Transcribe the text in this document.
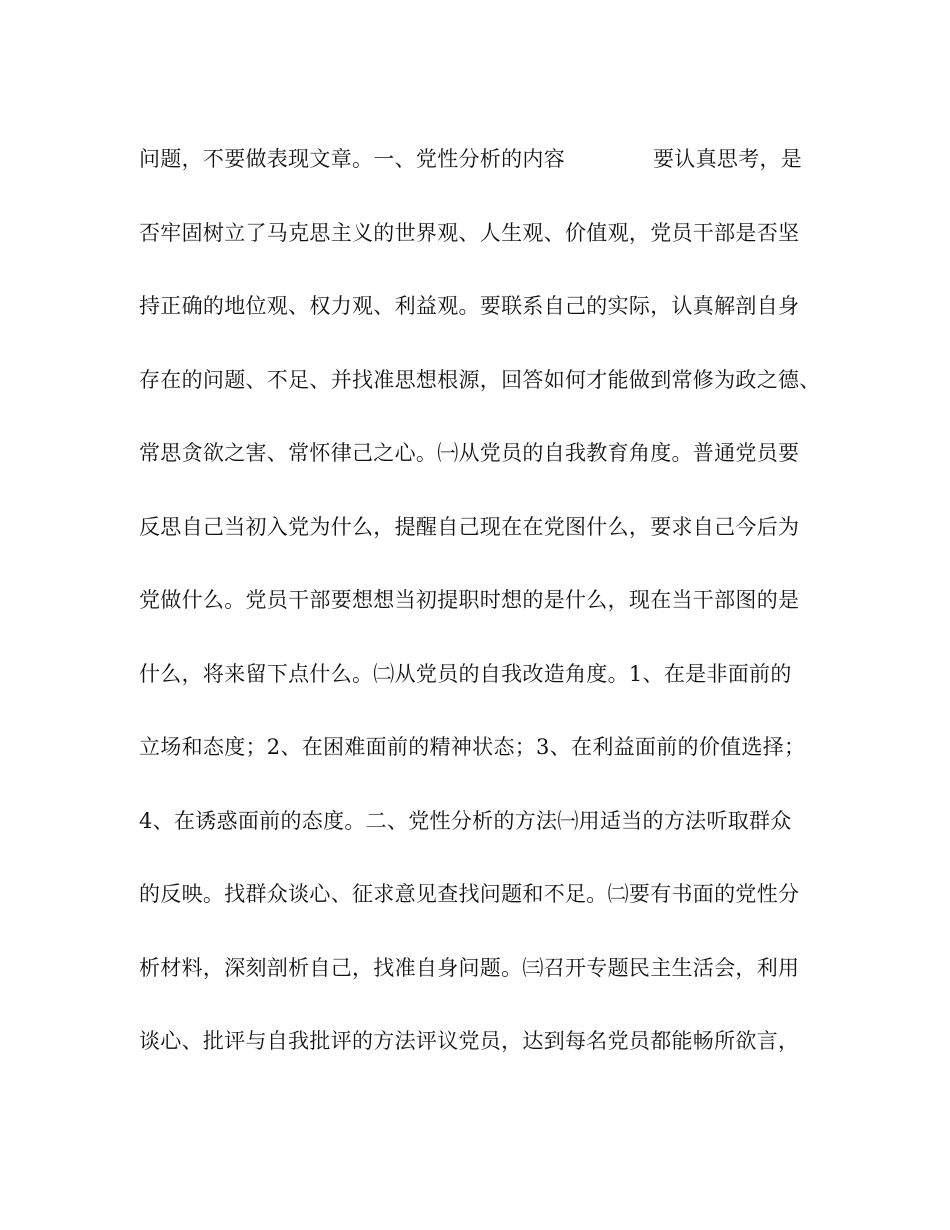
问题，不要做表现文章。一、党性分析的内容	要认真思考，是
否牢固树立了马克思主义的世界观、人生观、价值观，党员干部是否坚
持正确的地位观、权力观、利益观。要联系自己的实际，认真解剖自身
存在的问题、不足、并找准思想根源，回答如何才能做到常修为政之德、
常思贪欲之害、常怀律己之心。㈠从党员的自我教育角度。普通党员要
反思自己当初入党为什么，提醒自己现在在党图什么，要求自己今后为
党做什么。党员干部要想想当初提职时想的是什么，现在当干部图的是
什么，将来留下点什么。㈡从党员的自我改造角度。1、在是非面前的
立场和态度；2、在困难面前的精神状态；3、在利益面前的价值选择；
4、在诱惑面前的态度。二、党性分析的方法㈠用适当的方法听取群众
的反映。找群众谈心、征求意见查找问题和不足。㈡要有书面的党性分
析材料，深刻剖析自己，找准自身问题。㈢召开专题民主生活会，利用
谈心、批评与自我批评的方法评议党员，达到每名党员都能畅所欲言，
